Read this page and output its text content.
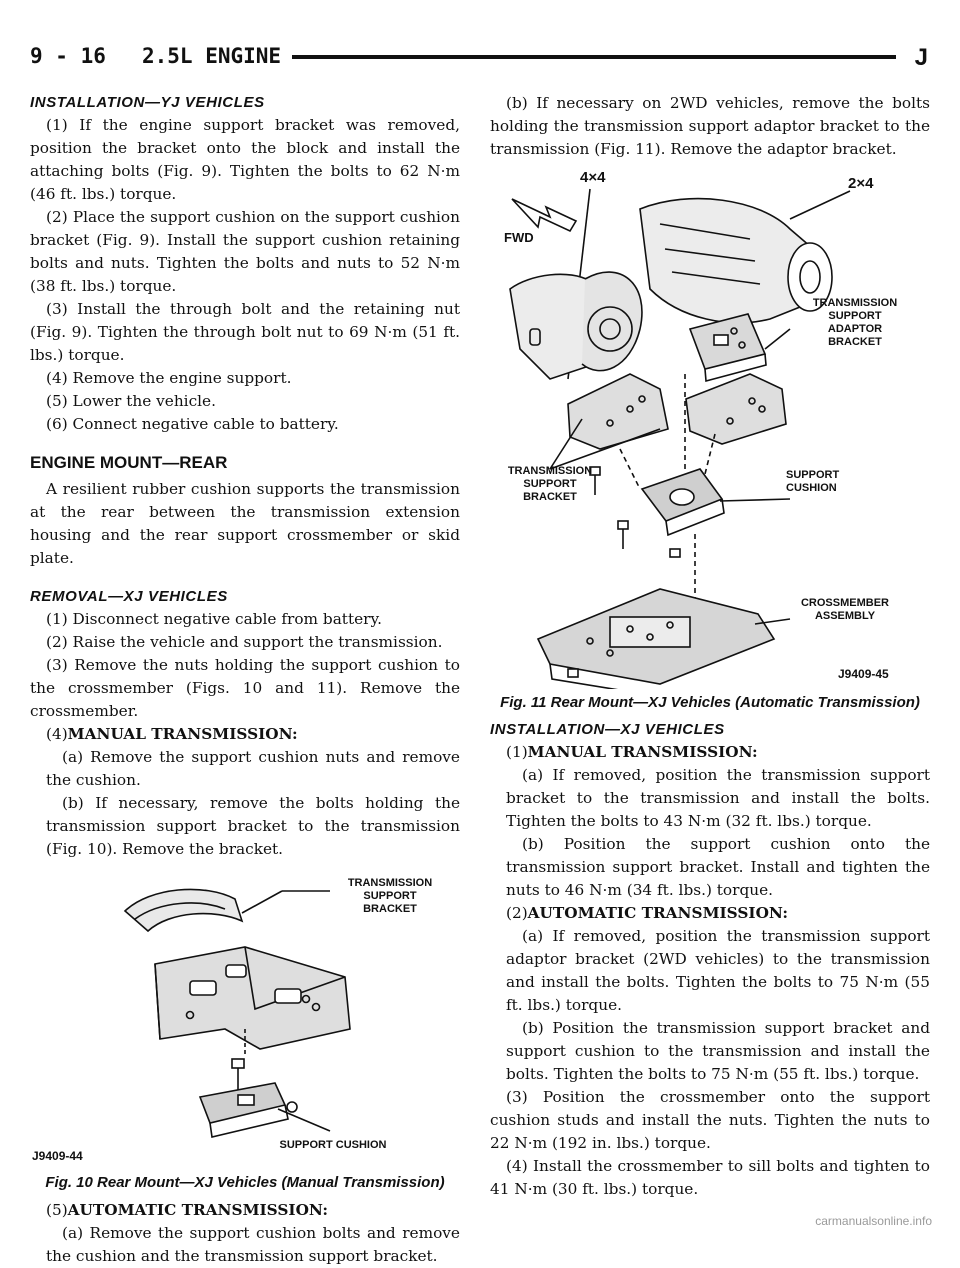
9 - 16 2.5L ENGINE	J
INSTALLATION—YJ VEHICLES

(1) If the engine support bracket was removed, position the bracket onto the block and install the attaching bolts (Fig. 9). Tighten the bolts to 62 N·m (46 ft. lbs.) torque.

(2) Place the support cushion on the support cushion bracket (Fig. 9). Install the support cushion retaining bolts and nuts. Tighten the bolts and nuts to 52 N·m (38 ft. lbs.) torque.

(3) Install the through bolt and the retaining nut (Fig. 9). Tighten the through bolt nut to 69 N·m (51 ft. lbs.) torque.

(4) Remove the engine support.

(5) Lower the vehicle.

(6) Connect negative cable to battery.

ENGINE MOUNT—REAR

A resilient rubber cushion supports the transmission at the rear between the transmission extension housing and the rear support crossmember or skid plate.

REMOVAL—XJ VEHICLES

(1) Disconnect negative cable from battery.

(2) Raise the vehicle and support the transmission.

(3) Remove the nuts holding the support cushion to the crossmember (Figs. 10 and 11). Remove the crossmember.

(4)MANUAL TRANSMISSION:

(a) Remove the support cushion nuts and remove the cushion.

(b) If necessary, remove the bolts holding the transmission support bracket to the transmission (Fig. 10). Remove the bracket.

TRANSMISSION
SUPPORT
BRACKET
SUPPORT CUSHION
J9409-44
Fig. 10 Rear Mount—XJ Vehicles (Manual Transmission)

(5)AUTOMATIC TRANSMISSION:

(a) Remove the support cushion bolts and remove the cushion and the transmission support bracket.

(b) If necessary on 2WD vehicles, remove the bolts holding the transmission support adaptor bracket to the transmission (Fig. 11). Remove the adaptor bracket.

4×4	2×4
FWD
TRANSMISSION
SUPPORT
ADAPTOR
BRACKET
TRANSMISSION
SUPPORT
BRACKET
SUPPORT
CUSHION
CROSSMEMBER
ASSEMBLY
J9409-45
Fig. 11 Rear Mount—XJ Vehicles (Automatic Transmission)
INSTALLATION—XJ VEHICLES

(1)MANUAL TRANSMISSION:

(a) If removed, position the transmission support bracket to the transmission and install the bolts. Tighten the bolts to 43 N·m (32 ft. lbs.) torque.

(b) Position the support cushion onto the transmission support bracket. Install and tighten the nuts to 46 N·m (34 ft. lbs.) torque.

(2)AUTOMATIC TRANSMISSION:

(a) If removed, position the transmission support adaptor bracket (2WD vehicles) to the transmission and install the bolts. Tighten the bolts to 75 N·m (55 ft. lbs.) torque.

(b) Position the transmission support bracket and support cushion to the transmission and install the bolts. Tighten the bolts to 75 N·m (55 ft. lbs.) torque.

(3) Position the crossmember onto the support cushion studs and install the nuts. Tighten the nuts to 22 N·m (192 in. lbs.) torque.

(4) Install the crossmember to sill bolts and tighten to 41 N·m (30 ft. lbs.) torque.

carmanualsonline.info
